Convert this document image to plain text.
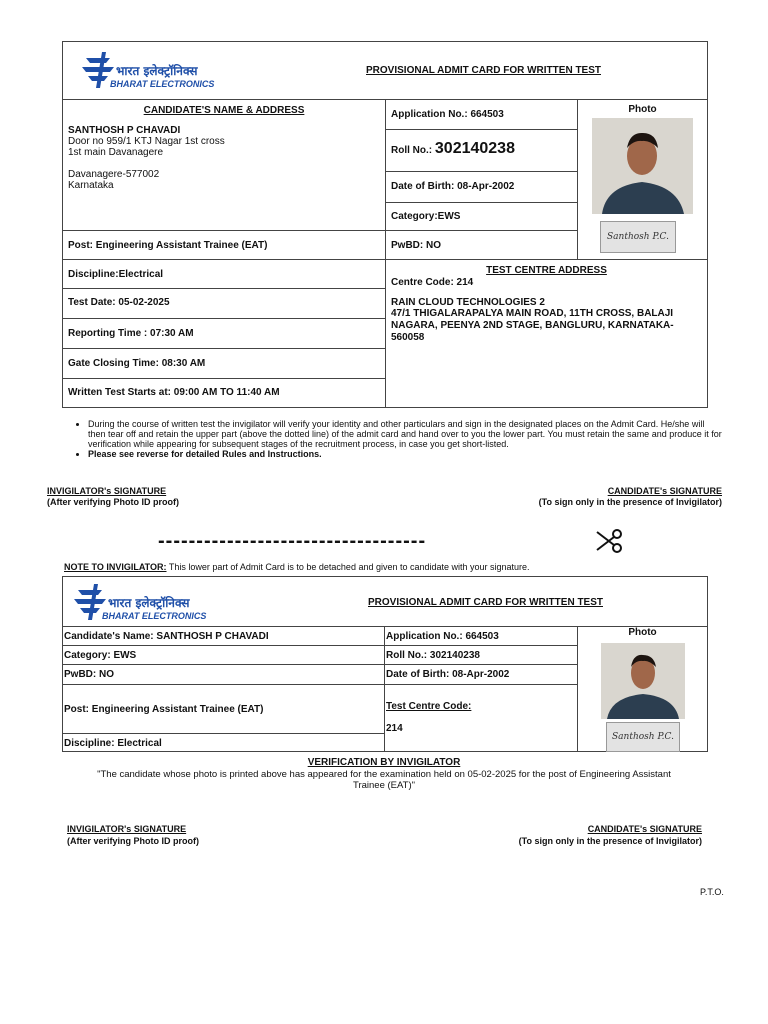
भारत इलेक्ट्रॉनिक्स
BHARAT ELECTRONICS
PROVISIONAL ADMIT CARD FOR WRITTEN TEST
CANDIDATE'S NAME & ADDRESS
SANTHOSH P CHAVADI
Door no 959/1 KTJ Nagar 1st cross
1st main Davanagere
Davanagere-577002
Karnataka
Application No.: 664503
Roll No.: 302140238
Date of Birth: 08-Apr-2002
Category:EWS
PwBD: NO
Photo
Santhosh P.C.
Post: Engineering Assistant Trainee (EAT)
Discipline:Electrical
Test Date: 05-02-2025
Reporting Time : 07:30 AM
Gate Closing Time: 08:30 AM
Written Test Starts at: 09:00 AM TO 11:40 AM
TEST CENTRE ADDRESS
Centre Code: 214
RAIN CLOUD TECHNOLOGIES 2
47/1 THIGALARAPALYA MAIN ROAD, 11TH CROSS, BALAJI NAGARA, PEENYA 2ND STAGE, BANGLURU, KARNATAKA- 560058
• During the course of written test the invigilator will verify your identity and other particulars and sign in the designated places on the Admit Card. He/she will then tear off and retain the upper part (above the dotted line) of the admit card and hand over to you the lower part. You must retain the same and produce it for verification while appearing for subsequent stages of the recruitment process, in case you get short-listed.
• Please see reverse for detailed Rules and Instructions.
INVIGILATOR's SIGNATURE
(After verifying Photo ID proof)
CANDIDATE's SIGNATURE
(To sign only in the presence of Invigilator)
-----------------------------------
NOTE TO INVIGILATOR: This lower part of Admit Card is to be detached and given to candidate with your signature.
भारत इलेक्ट्रॉनिक्स
BHARAT ELECTRONICS
PROVISIONAL ADMIT CARD FOR WRITTEN TEST
Candidate's Name: SANTHOSH P CHAVADI	Application No.: 664503	Photo
Santhosh P.C.
Category: EWS	Roll No.: 302140238
PwBD: NO	Date of Birth: 08-Apr-2002
Post: Engineering Assistant Trainee (EAT)	Test Centre Code:
214
Discipline: Electrical
VERIFICATION BY INVIGILATOR
"The candidate whose photo is printed above has appeared for the examination held on 05-02-2025 for the post of Engineering Assistant Trainee (EAT)"
INVIGILATOR's SIGNATURE
(After verifying Photo ID proof)
CANDIDATE's SIGNATURE
(To sign only in the presence of Invigilator)
P.T.O.
